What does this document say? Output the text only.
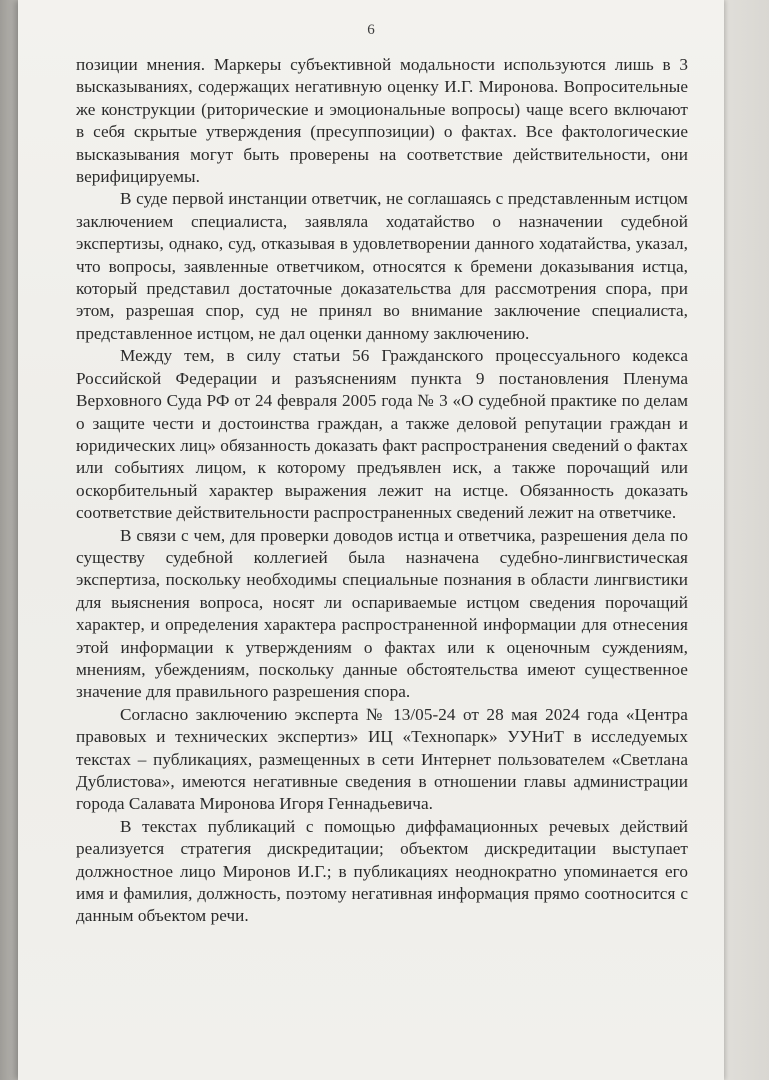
6

позиции мнения. Маркеры субъективной модальности используются лишь в 3 высказываниях, содержащих негативную оценку И.Г. Миронова. Вопросительные же конструкции (риторические и эмоциональные вопросы) чаще всего включают в себя скрытые утверждения (пресуппозиции) о фактах. Все фактологические высказывания могут быть проверены на соответствие действительности, они верифицируемы.

В суде первой инстанции ответчик, не соглашаясь с представленным истцом заключением специалиста, заявляла ходатайство о назначении судебной экспертизы, однако, суд, отказывая в удовлетворении данного ходатайства, указал, что вопросы, заявленные ответчиком, относятся к бремени доказывания истца, который представил достаточные доказательства для рассмотрения спора, при этом, разрешая спор, суд не принял во внимание заключение специалиста, представленное истцом, не дал оценки данному заключению.

Между тем, в силу статьи 56 Гражданского процессуального кодекса Российской Федерации и разъяснениям пункта 9 постановления Пленума Верховного Суда РФ от 24 февраля 2005 года № 3 «О судебной практике по делам о защите чести и достоинства граждан, а также деловой репутации граждан и юридических лиц» обязанность доказать факт распространения сведений о фактах или событиях лицом, к которому предъявлен иск, а также порочащий или оскорбительный характер выражения лежит на истце. Обязанность доказать соответствие действительности распространенных сведений лежит на ответчике.

В связи с чем, для проверки доводов истца и ответчика, разрешения дела по существу судебной коллегией была назначена судебно-лингвистическая экспертиза, поскольку необходимы специальные познания в области лингвистики для выяснения вопроса, носят ли оспариваемые истцом сведения порочащий характер, и определения характера распространенной информации для отнесения этой информации к утверждениям о фактах или к оценочным суждениям, мнениям, убеждениям, поскольку данные обстоятельства имеют существенное значение для правильного разрешения спора.

Согласно заключению эксперта № 13/05-24 от 28 мая 2024 года «Центра правовых и технических экспертиз» ИЦ «Технопарк» УУНиТ в исследуемых текстах – публикациях, размещенных в сети Интернет пользователем «Светлана Дублистова», имеются негативные сведения в отношении главы администрации города Салавата Миронова Игоря Геннадьевича.

В текстах публикаций с помощью диффамационных речевых действий реализуется стратегия дискредитации; объектом дискредитации выступает должностное лицо Миронов И.Г.; в публикациях неоднократно упоминается его имя и фамилия, должность, поэтому негативная информация прямо соотносится с данным объектом речи.
